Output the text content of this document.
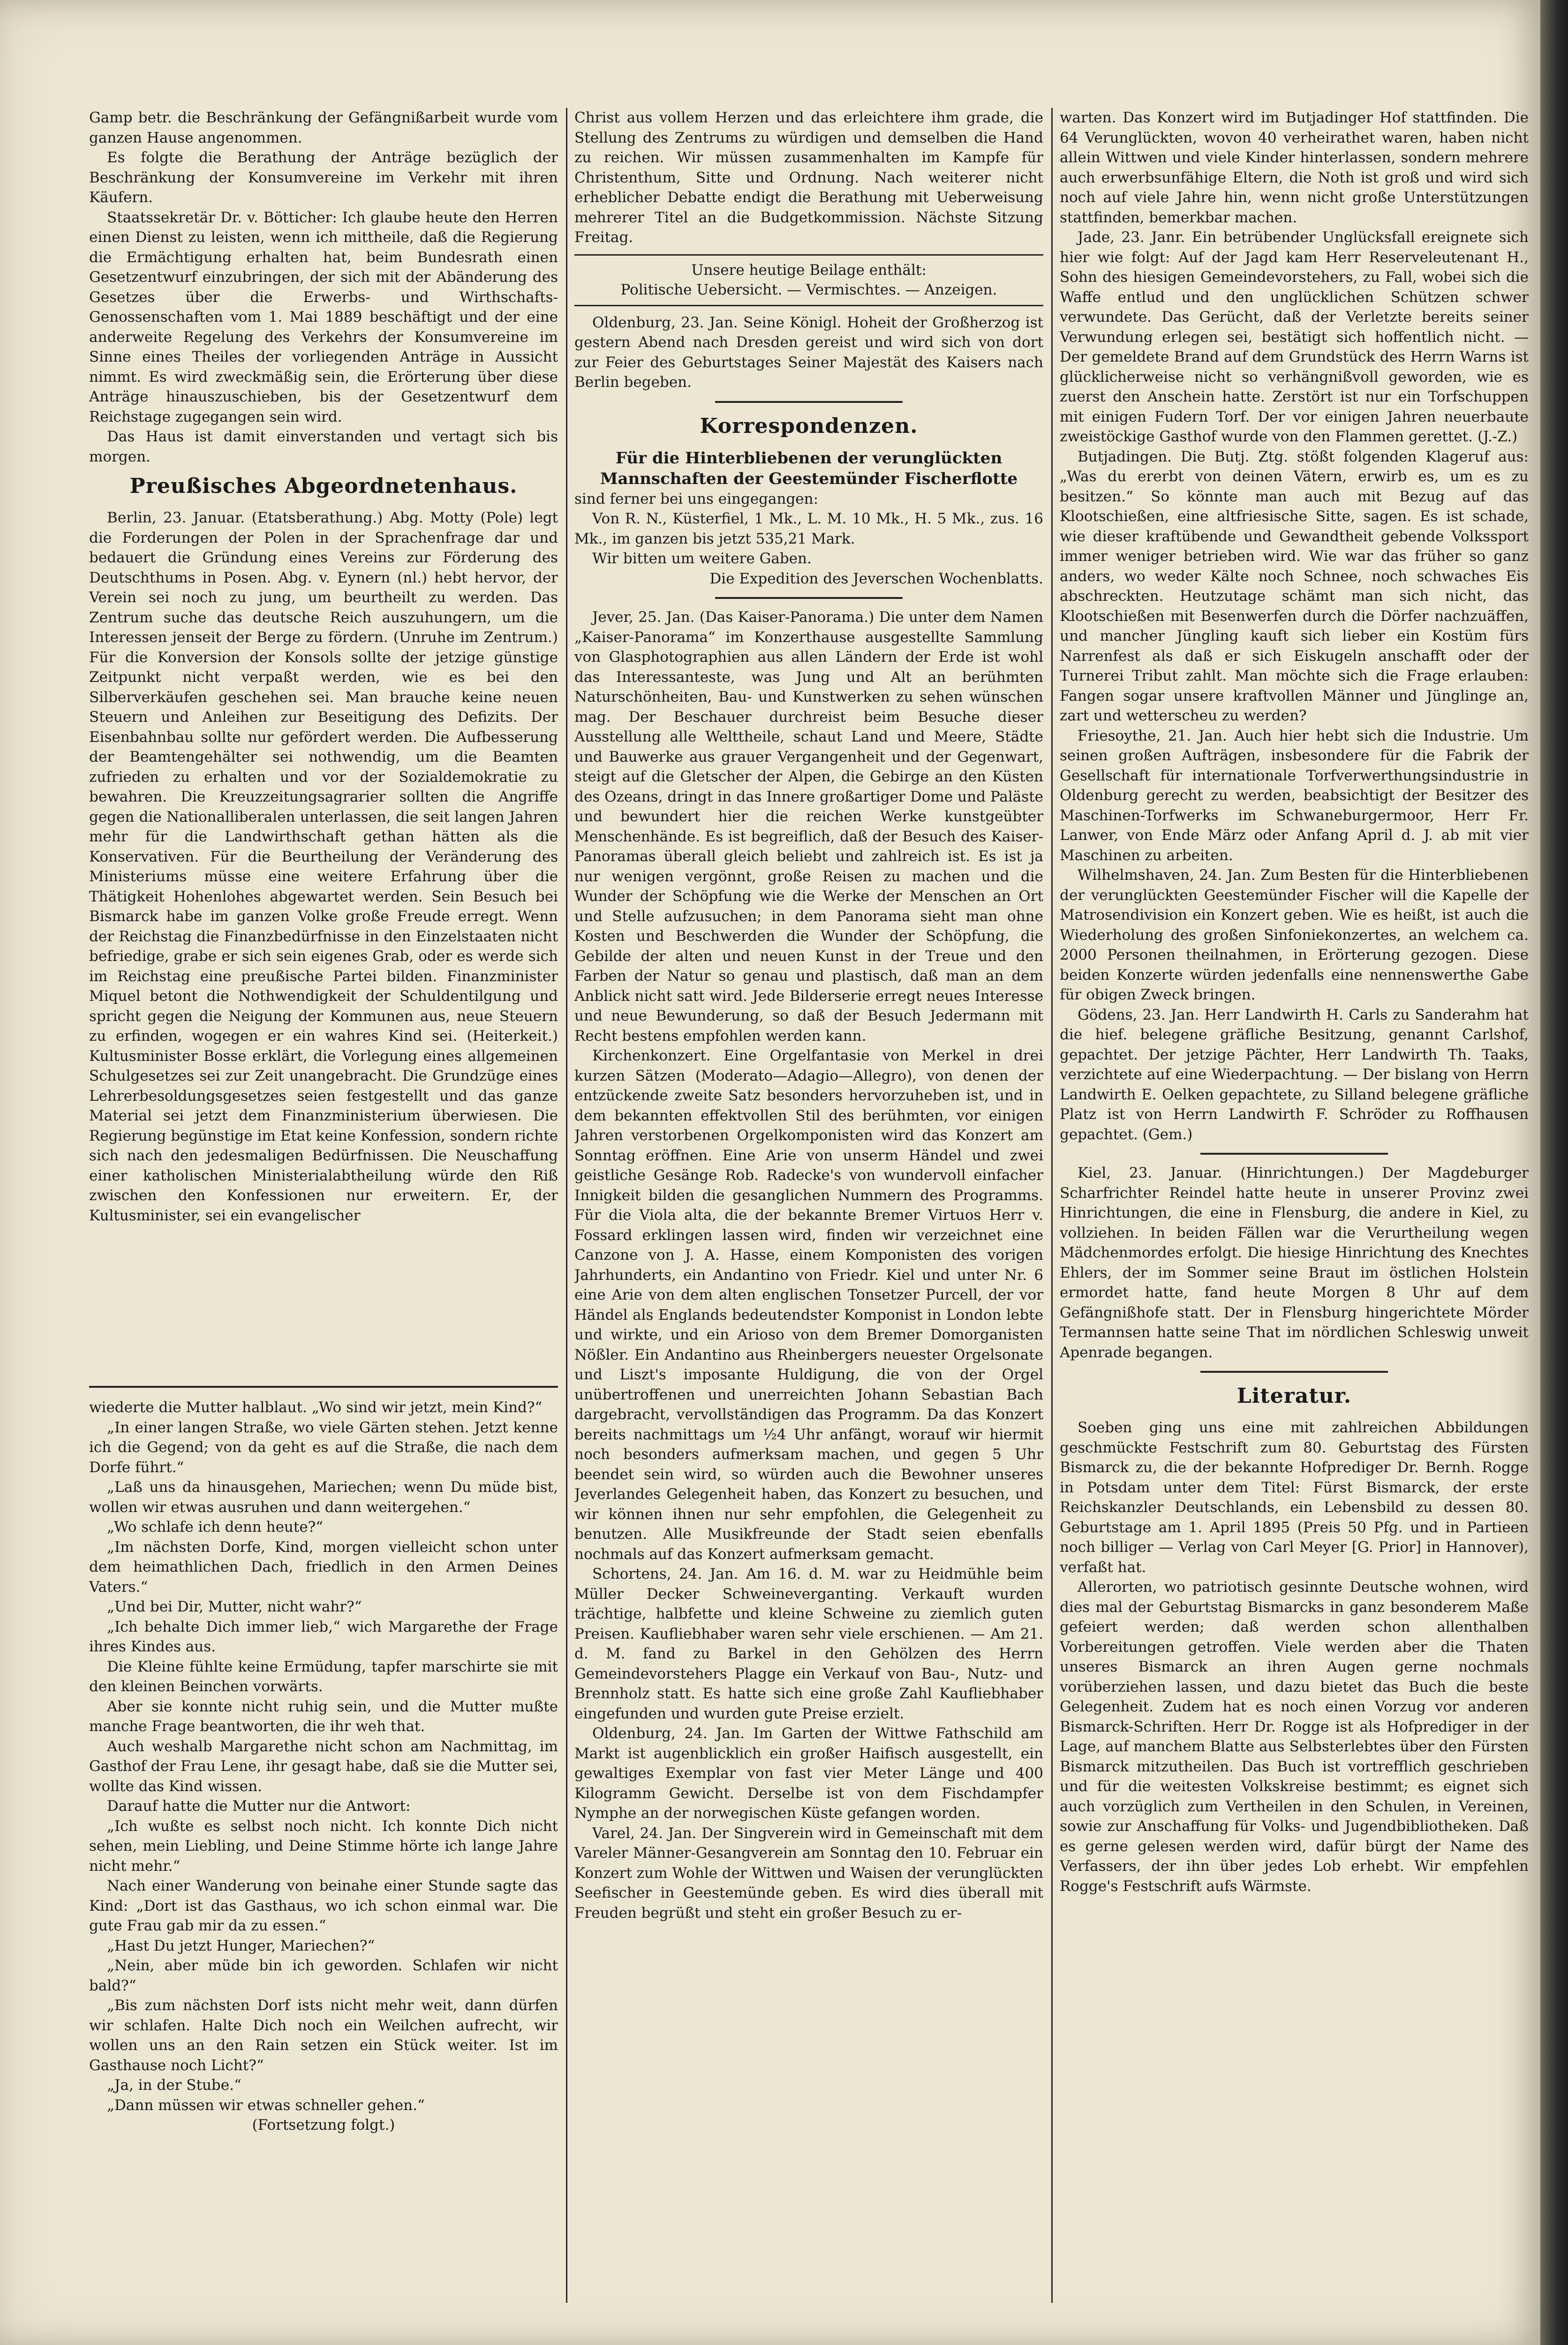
Gamp betr. die Beschränkung der Gefängnißarbeit wurde vom ganzen Hause angenommen.

Es folgte die Berathung der Anträge bezüglich der Beschränkung der Konsumvereine im Verkehr mit ihren Käufern.

Staatssekretär Dr. v. Bötticher: Ich glaube heute den Herren einen Dienst zu leisten, wenn ich mittheile, daß die Regierung die Ermächtigung erhalten hat, beim Bundesrath einen Gesetzentwurf einzubringen, der sich mit der Abänderung des Gesetzes über die Erwerbs- und Wirthschafts-Genossenschaften vom 1. Mai 1889 beschäftigt und der eine anderweite Regelung des Verkehrs der Konsumvereine im Sinne eines Theiles der vorliegenden Anträge in Aussicht nimmt. Es wird zweckmäßig sein, die Erörterung über diese Anträge hinauszuschieben, bis der Gesetzentwurf dem Reichstage zugegangen sein wird.

Das Haus ist damit einverstanden und vertagt sich bis morgen.

Preußisches Abgeordnetenhaus.

Berlin, 23. Januar. (Etatsberathung.) Abg. Motty (Pole) legt die Forderungen der Polen in der Sprachenfrage dar und bedauert die Gründung eines Vereins zur Förderung des Deutschthums in Posen. Abg. v. Eynern (nl.) hebt hervor, der Verein sei noch zu jung, um beurtheilt zu werden. Das Zentrum suche das deutsche Reich auszuhungern, um die Interessen jenseit der Berge zu fördern. (Unruhe im Zentrum.) Für die Konversion der Konsols sollte der jetzige günstige Zeitpunkt nicht verpaßt werden, wie es bei den Silberverkäufen geschehen sei. Man brauche keine neuen Steuern und Anleihen zur Beseitigung des Defizits. Der Eisenbahnbau sollte nur gefördert werden. Die Aufbesserung der Beamtengehälter sei nothwendig, um die Beamten zufrieden zu erhalten und vor der Sozialdemokratie zu bewahren. Die Kreuzzeitungsagrarier sollten die Angriffe gegen die Nationalliberalen unterlassen, die seit langen Jahren mehr für die Landwirthschaft gethan hätten als die Konservativen. Für die Beurtheilung der Veränderung des Ministeriums müsse eine weitere Erfahrung über die Thätigkeit Hohenlohes abgewartet werden. Sein Besuch bei Bismarck habe im ganzen Volke große Freude erregt. Wenn der Reichstag die Finanzbedürfnisse in den Einzelstaaten nicht befriedige, grabe er sich sein eigenes Grab, oder es werde sich im Reichstag eine preußische Partei bilden. Finanzminister Miquel betont die Nothwendigkeit der Schuldentilgung und spricht gegen die Neigung der Kommunen aus, neue Steuern zu erfinden, wogegen er ein wahres Kind sei. (Heiterkeit.) Kultusminister Bosse erklärt, die Vorlegung eines allgemeinen Schulgesetzes sei zur Zeit unangebracht. Die Grundzüge eines Lehrerbesoldungsgesetzes seien festgestellt und das ganze Material sei jetzt dem Finanzministerium überwiesen. Die Regierung begünstige im Etat keine Konfession, sondern richte sich nach den jedesmaligen Bedürfnissen. Die Neuschaffung einer katholischen Ministerialabtheilung würde den Riß zwischen den Konfessionen nur erweitern. Er, der Kultusminister, sei ein evangelischer

wiederte die Mutter halblaut. „Wo sind wir jetzt, mein Kind?“

„In einer langen Straße, wo viele Gärten stehen. Jetzt kenne ich die Gegend; von da geht es auf die Straße, die nach dem Dorfe führt.“

„Laß uns da hinausgehen, Mariechen; wenn Du müde bist, wollen wir etwas ausruhen und dann weitergehen.“

„Wo schlafe ich denn heute?“

„Im nächsten Dorfe, Kind, morgen vielleicht schon unter dem heimathlichen Dach, friedlich in den Armen Deines Vaters.“

„Und bei Dir, Mutter, nicht wahr?“

„Ich behalte Dich immer lieb,“ wich Margarethe der Frage ihres Kindes aus.

Die Kleine fühlte keine Ermüdung, tapfer marschirte sie mit den kleinen Beinchen vorwärts.

Aber sie konnte nicht ruhig sein, und die Mutter mußte manche Frage beantworten, die ihr weh that.

Auch weshalb Margarethe nicht schon am Nachmittag, im Gasthof der Frau Lene, ihr gesagt habe, daß sie die Mutter sei, wollte das Kind wissen.

Darauf hatte die Mutter nur die Antwort:

„Ich wußte es selbst noch nicht. Ich konnte Dich nicht sehen, mein Liebling, und Deine Stimme hörte ich lange Jahre nicht mehr.“

Nach einer Wanderung von beinahe einer Stunde sagte das Kind: „Dort ist das Gasthaus, wo ich schon einmal war. Die gute Frau gab mir da zu essen.“

„Hast Du jetzt Hunger, Mariechen?“

„Nein, aber müde bin ich geworden. Schlafen wir nicht bald?“

„Bis zum nächsten Dorf ists nicht mehr weit, dann dürfen wir schlafen. Halte Dich noch ein Weilchen aufrecht, wir wollen uns an den Rain setzen ein Stück weiter. Ist im Gasthause noch Licht?“

„Ja, in der Stube.“

„Dann müssen wir etwas schneller gehen.“

(Fortsetzung folgt.)

Christ aus vollem Herzen und das erleichtere ihm grade, die Stellung des Zentrums zu würdigen und demselben die Hand zu reichen. Wir müssen zusammenhalten im Kampfe für Christenthum, Sitte und Ordnung. Nach weiterer nicht erheblicher Debatte endigt die Berathung mit Ueberweisung mehrerer Titel an die Budgetkommission. Nächste Sitzung Freitag.

Unsere heutige Beilage enthält:
Politische Uebersicht. — Vermischtes. — Anzeigen.

Oldenburg, 23. Jan. Seine Königl. Hoheit der Großherzog ist gestern Abend nach Dresden gereist und wird sich von dort zur Feier des Geburtstages Seiner Majestät des Kaisers nach Berlin begeben.

Korrespondenzen.
Für die Hinterbliebenen der verunglückten Mannschaften der Geestemünder Fischerflotte

sind ferner bei uns eingegangen:

Von R. N., Küsterfiel, 1 Mk., L. M. 10 Mk., H. 5 Mk., zus. 16 Mk., im ganzen bis jetzt 535,21 Mark.

Wir bitten um weitere Gaben.

Die Expedition des Jeverschen Wochenblatts.

Jever, 25. Jan. (Das Kaiser-Panorama.) Die unter dem Namen „Kaiser-Panorama“ im Konzerthause ausgestellte Sammlung von Glasphotographien aus allen Ländern der Erde ist wohl das Interessanteste, was Jung und Alt an berühmten Naturschönheiten, Bau- und Kunstwerken zu sehen wünschen mag. Der Beschauer durchreist beim Besuche dieser Ausstellung alle Welttheile, schaut Land und Meere, Städte und Bauwerke aus grauer Vergangenheit und der Gegenwart, steigt auf die Gletscher der Alpen, die Gebirge an den Küsten des Ozeans, dringt in das Innere großartiger Dome und Paläste und bewundert hier die reichen Werke kunstgeübter Menschenhände. Es ist begreiflich, daß der Besuch des Kaiser-Panoramas überall gleich beliebt und zahlreich ist. Es ist ja nur wenigen vergönnt, große Reisen zu machen und die Wunder der Schöpfung wie die Werke der Menschen an Ort und Stelle aufzusuchen; in dem Panorama sieht man ohne Kosten und Beschwerden die Wunder der Schöpfung, die Gebilde der alten und neuen Kunst in der Treue und den Farben der Natur so genau und plastisch, daß man an dem Anblick nicht satt wird. Jede Bilderserie erregt neues Interesse und neue Bewunderung, so daß der Besuch Jedermann mit Recht bestens empfohlen werden kann.

Kirchenkonzert. Eine Orgelfantasie von Merkel in drei kurzen Sätzen (Moderato—Adagio—Allegro), von denen der entzückende zweite Satz besonders hervorzuheben ist, und in dem bekannten effektvollen Stil des berühmten, vor einigen Jahren verstorbenen Orgelkomponisten wird das Konzert am Sonntag eröffnen. Eine Arie von unserm Händel und zwei geistliche Gesänge Rob. Radecke's von wundervoll einfacher Innigkeit bilden die gesanglichen Nummern des Programms. Für die Viola alta, die der bekannte Bremer Virtuos Herr v. Fossard erklingen lassen wird, finden wir verzeichnet eine Canzone von J. A. Hasse, einem Komponisten des vorigen Jahrhunderts, ein Andantino von Friedr. Kiel und unter Nr. 6 eine Arie von dem alten englischen Tonsetzer Purcell, der vor Händel als Englands bedeutendster Komponist in London lebte und wirkte, und ein Arioso von dem Bremer Domorganisten Nößler. Ein Andantino aus Rheinbergers neuester Orgelsonate und Liszt's imposante Huldigung, die von der Orgel unübertroffenen und unerreichten Johann Sebastian Bach dargebracht, vervollständigen das Programm. Da das Konzert bereits nachmittags um ½4 Uhr anfängt, worauf wir hiermit noch besonders aufmerksam machen, und gegen 5 Uhr beendet sein wird, so würden auch die Bewohner unseres Jeverlandes Gelegenheit haben, das Konzert zu besuchen, und wir können ihnen nur sehr empfohlen, die Gelegenheit zu benutzen. Alle Musikfreunde der Stadt seien ebenfalls nochmals auf das Konzert aufmerksam gemacht.

Schortens, 24. Jan. Am 16. d. M. war zu Heidmühle beim Müller Decker Schweineverganting. Verkauft wurden trächtige, halbfette und kleine Schweine zu ziemlich guten Preisen. Kaufliebhaber waren sehr viele erschienen. — Am 21. d. M. fand zu Barkel in den Gehölzen des Herrn Gemeindevorstehers Plagge ein Verkauf von Bau-, Nutz- und Brennholz statt. Es hatte sich eine große Zahl Kaufliebhaber eingefunden und wurden gute Preise erzielt.

Oldenburg, 24. Jan. Im Garten der Wittwe Fathschild am Markt ist augenblicklich ein großer Haifisch ausgestellt, ein gewaltiges Exemplar von fast vier Meter Länge und 400 Kilogramm Gewicht. Derselbe ist von dem Fischdampfer Nymphe an der norwegischen Küste gefangen worden.

Varel, 24. Jan. Der Singverein wird in Gemeinschaft mit dem Vareler Männer-Gesangverein am Sonntag den 10. Februar ein Konzert zum Wohle der Wittwen und Waisen der verunglückten Seefischer in Geestemünde geben. Es wird dies überall mit Freuden begrüßt und steht ein großer Besuch zu er-

warten. Das Konzert wird im Butjadinger Hof stattfinden. Die 64 Verunglückten, wovon 40 verheirathet waren, haben nicht allein Wittwen und viele Kinder hinterlassen, sondern mehrere auch erwerbsunfähige Eltern, die Noth ist groß und wird sich noch auf viele Jahre hin, wenn nicht große Unterstützungen stattfinden, bemerkbar machen.

Jade, 23. Janr. Ein betrübender Unglücksfall ereignete sich hier wie folgt: Auf der Jagd kam Herr Reserveleutenant H., Sohn des hiesigen Gemeindevorstehers, zu Fall, wobei sich die Waffe entlud und den unglücklichen Schützen schwer verwundete. Das Gerücht, daß der Verletzte bereits seiner Verwundung erlegen sei, bestätigt sich hoffentlich nicht. — Der gemeldete Brand auf dem Grundstück des Herrn Warns ist glücklicherweise nicht so verhängnißvoll geworden, wie es zuerst den Anschein hatte. Zerstört ist nur ein Torfschuppen mit einigen Fudern Torf. Der vor einigen Jahren neuerbaute zweistöckige Gasthof wurde von den Flammen gerettet. (J.-Z.)

Butjadingen. Die Butj. Ztg. stößt folgenden Klageruf aus: „Was du ererbt von deinen Vätern, erwirb es, um es zu besitzen.“ So könnte man auch mit Bezug auf das Klootschießen, eine altfriesische Sitte, sagen. Es ist schade, wie dieser kraftübende und Gewandtheit gebende Volkssport immer weniger betrieben wird. Wie war das früher so ganz anders, wo weder Kälte noch Schnee, noch schwaches Eis abschreckten. Heutzutage schämt man sich nicht, das Klootschießen mit Besenwerfen durch die Dörfer nachzuäffen, und mancher Jüngling kauft sich lieber ein Kostüm fürs Narrenfest als daß er sich Eiskugeln anschafft oder der Turnerei Tribut zahlt. Man möchte sich die Frage erlauben: Fangen sogar unsere kraftvollen Männer und Jünglinge an, zart und wetterscheu zu werden?

Friesoythe, 21. Jan. Auch hier hebt sich die Industrie. Um seinen großen Aufträgen, insbesondere für die Fabrik der Gesellschaft für internationale Torfverwerthungsindustrie in Oldenburg gerecht zu werden, beabsichtigt der Besitzer des Maschinen-Torfwerks im Schwaneburgermoor, Herr Fr. Lanwer, von Ende März oder Anfang April d. J. ab mit vier Maschinen zu arbeiten.

Wilhelmshaven, 24. Jan. Zum Besten für die Hinterbliebenen der verunglückten Geestemünder Fischer will die Kapelle der Matrosendivision ein Konzert geben. Wie es heißt, ist auch die Wiederholung des großen Sinfoniekonzertes, an welchem ca. 2000 Personen theilnahmen, in Erörterung gezogen. Diese beiden Konzerte würden jedenfalls eine nennenswerthe Gabe für obigen Zweck bringen.

Gödens, 23. Jan. Herr Landwirth H. Carls zu Sanderahm hat die hief. belegene gräfliche Besitzung, genannt Carlshof, gepachtet. Der jetzige Pächter, Herr Landwirth Th. Taaks, verzichtete auf eine Wiederpachtung. — Der bislang von Herrn Landwirth E. Oelken gepachtete, zu Silland belegene gräfliche Platz ist von Herrn Landwirth F. Schröder zu Roffhausen gepachtet. (Gem.)

Kiel, 23. Januar. (Hinrichtungen.) Der Magdeburger Scharfrichter Reindel hatte heute in unserer Provinz zwei Hinrichtungen, die eine in Flensburg, die andere in Kiel, zu vollziehen. In beiden Fällen war die Verurtheilung wegen Mädchenmordes erfolgt. Die hiesige Hinrichtung des Knechtes Ehlers, der im Sommer seine Braut im östlichen Holstein ermordet hatte, fand heute Morgen 8 Uhr auf dem Gefängnißhofe statt. Der in Flensburg hingerichtete Mörder Termannsen hatte seine That im nördlichen Schleswig unweit Apenrade begangen.

Literatur.

Soeben ging uns eine mit zahlreichen Abbildungen geschmückte Festschrift zum 80. Geburtstag des Fürsten Bismarck zu, die der bekannte Hofprediger Dr. Bernh. Rogge in Potsdam unter dem Titel: Fürst Bismarck, der erste Reichskanzler Deutschlands, ein Lebensbild zu dessen 80. Geburtstage am 1. April 1895 (Preis 50 Pfg. und in Partieen noch billiger — Verlag von Carl Meyer [G. Prior] in Hannover), verfaßt hat.

Allerorten, wo patriotisch gesinnte Deutsche wohnen, wird dies mal der Geburtstag Bismarcks in ganz besonderem Maße gefeiert werden; daß werden schon allenthalben Vorbereitungen getroffen. Viele werden aber die Thaten unseres Bismarck an ihren Augen gerne nochmals vorüberziehen lassen, und dazu bietet das Buch die beste Gelegenheit. Zudem hat es noch einen Vorzug vor anderen Bismarck-Schriften. Herr Dr. Rogge ist als Hofprediger in der Lage, auf manchem Blatte aus Selbsterlebtes über den Fürsten Bismarck mitzutheilen. Das Buch ist vortrefflich geschrieben und für die weitesten Volkskreise bestimmt; es eignet sich auch vorzüglich zum Vertheilen in den Schulen, in Vereinen, sowie zur Anschaffung für Volks- und Jugendbibliotheken. Daß es gerne gelesen werden wird, dafür bürgt der Name des Verfassers, der ihn über jedes Lob erhebt. Wir empfehlen Rogge's Festschrift aufs Wärmste.
